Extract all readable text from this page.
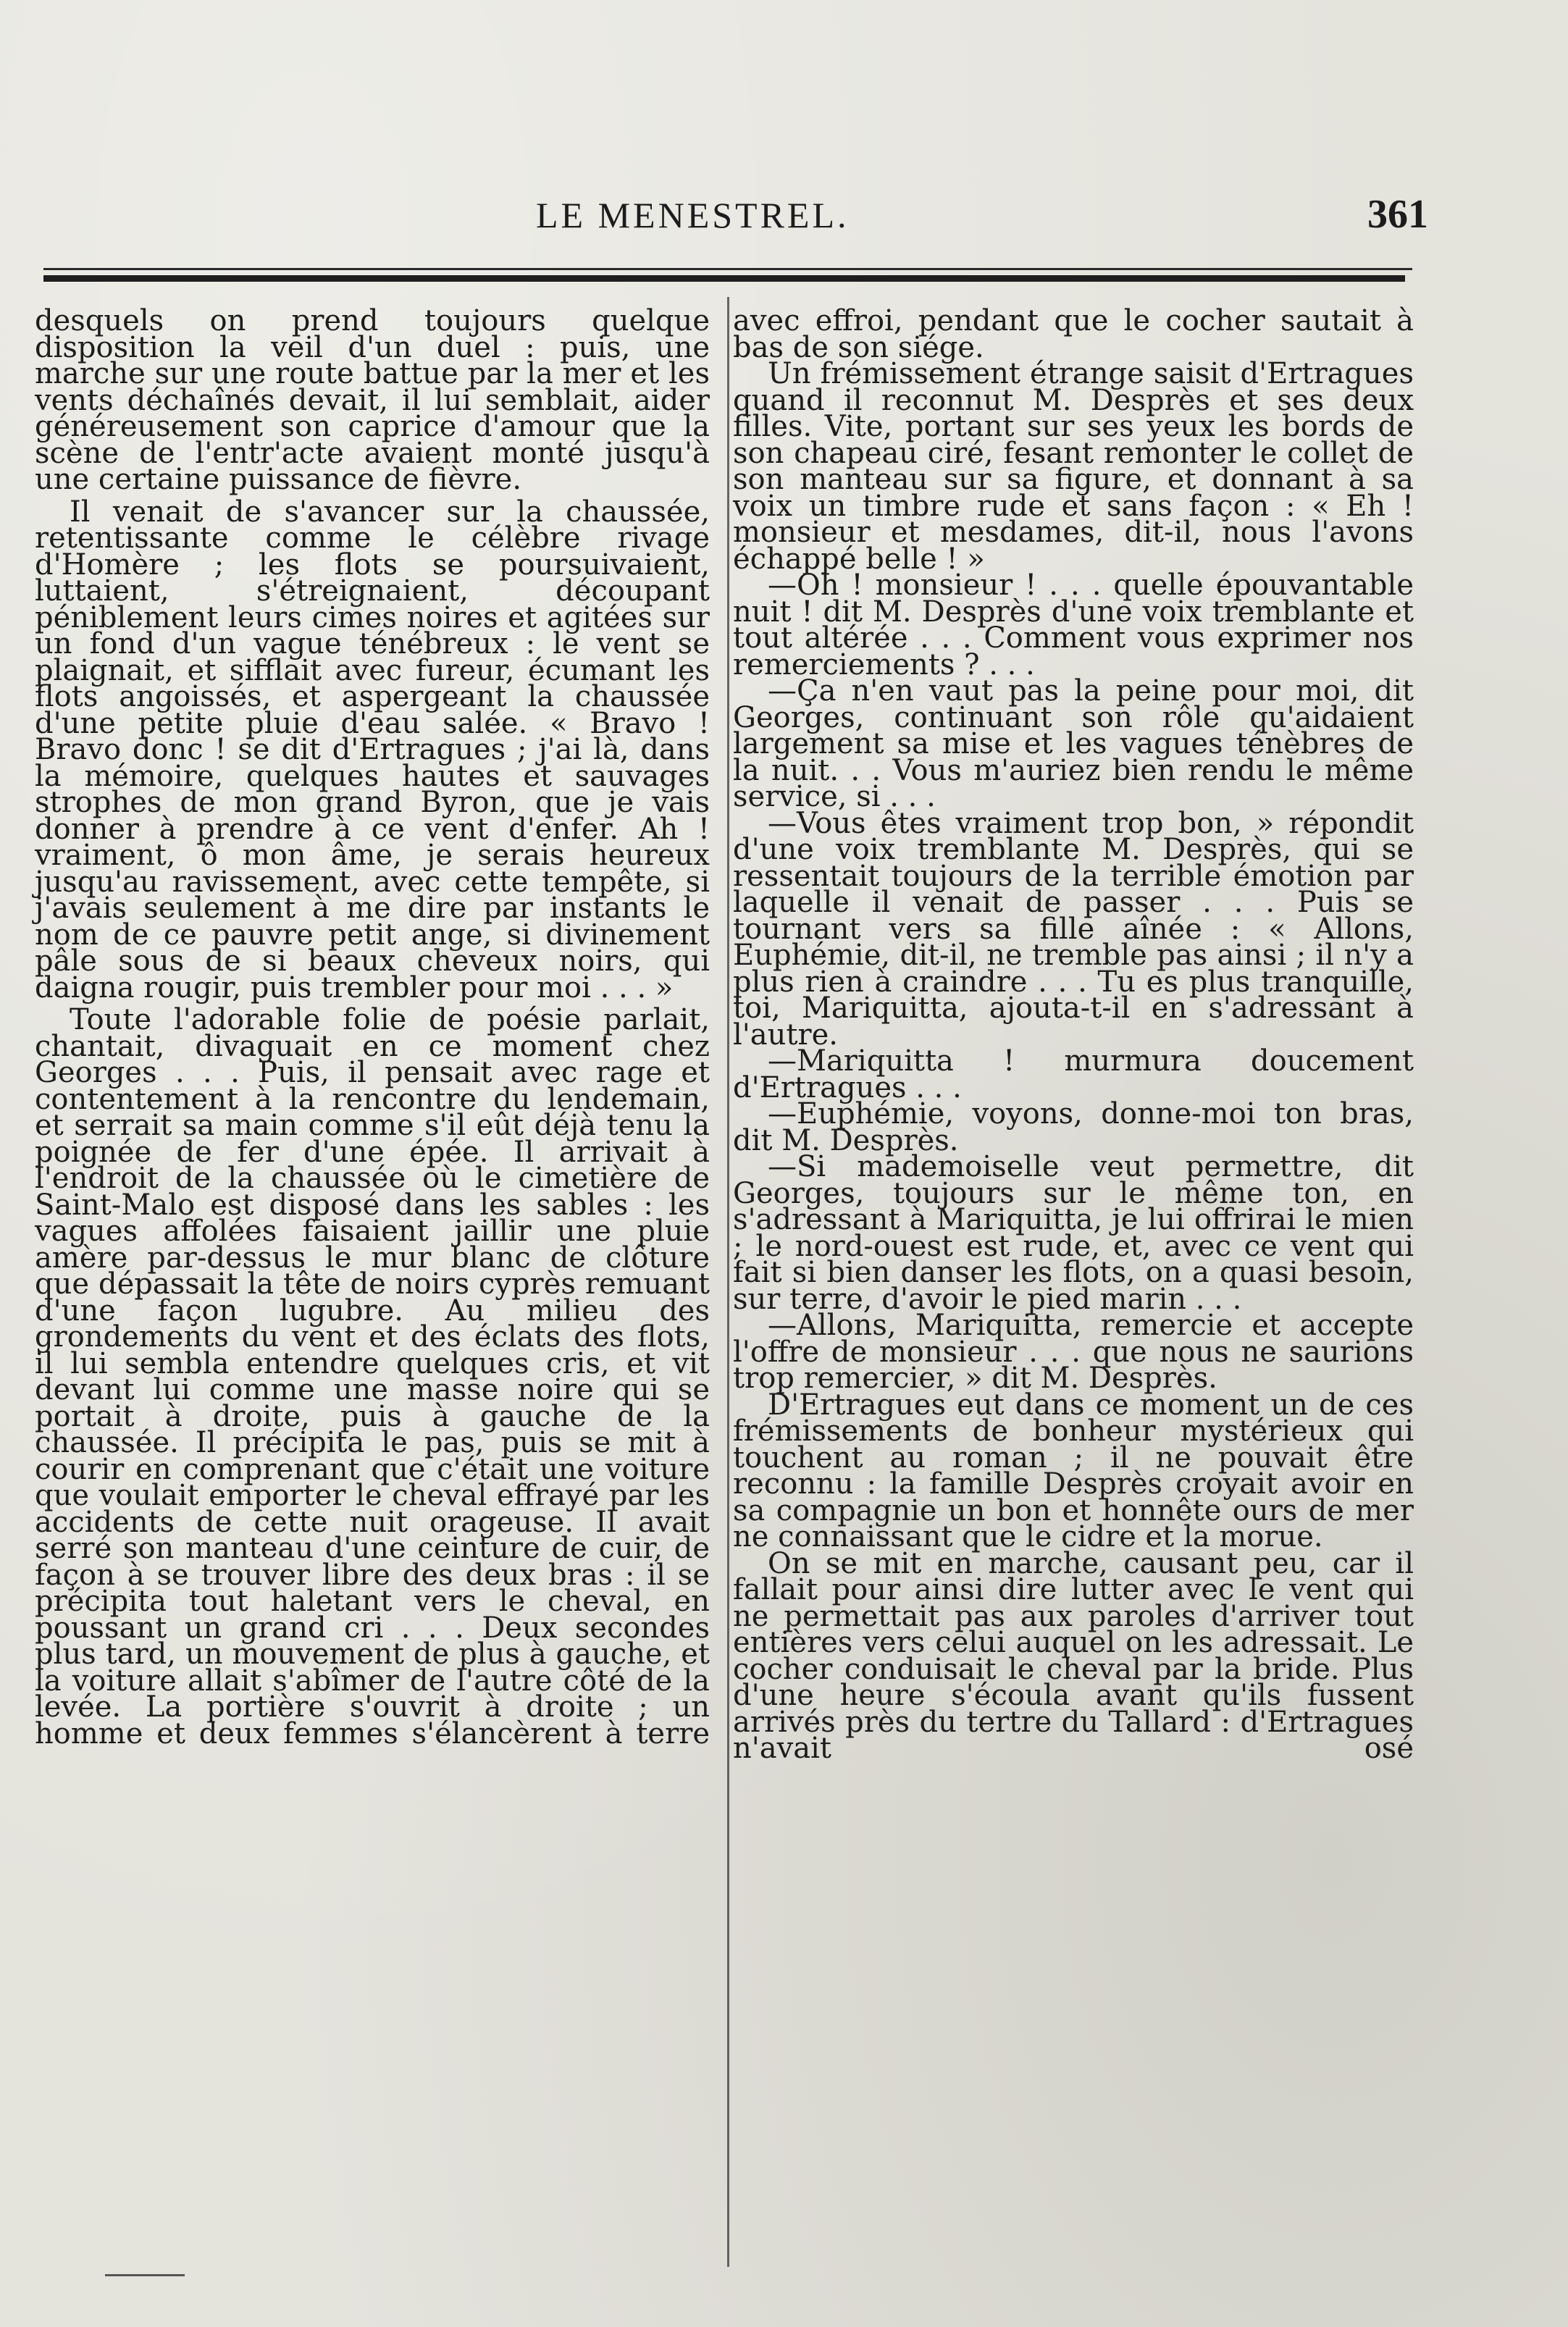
LE MENESTREL.	361

desquels on prend toujours quelque disposition la veil d'un duel : puis, une marche sur une route battue par la mer et les vents déchaînés devait, il lui semblait, aider généreusement son caprice d'amour que la scène de l'entr'acte avaient monté jusqu'à une certaine puissance de fièvre.

Il venait de s'avancer sur la chaussée, retentissante comme le célèbre rivage d'Homère ; les flots se poursuivaient, luttaient, s'étreignaient, découpant péniblement leurs cimes noires et agitées sur un fond d'un vague ténébreux : le vent se plaignait, et sifflait avec fureur, écumant les flots angoissés, et aspergeant la chaussée d'une petite pluie d'eau salée. « Bravo ! Bravo donc ! se dit d'Ertragues ; j'ai là, dans la mémoire, quelques hautes et sauvages strophes de mon grand Byron, que je vais donner à prendre à ce vent d'enfer. Ah ! vraiment, ô mon âme, je serais heureux jusqu'au ravissement, avec cette tempête, si j'avais seulement à me dire par instants le nom de ce pauvre petit ange, si divinement pâle sous de si beaux cheveux noirs, qui daigna rougir, puis trembler pour moi . . . »

Toute l'adorable folie de poésie parlait, chantait, divaguait en ce moment chez Georges . . . Puis, il pensait avec rage et contentement à la rencontre du lendemain, et serrait sa main comme s'il eût déjà tenu la poignée de fer d'une épée. Il arrivait à l'endroit de la chaussée où le cimetière de Saint-Malo est disposé dans les sables : les vagues affolées faisaient jaillir une pluie amère par-dessus le mur blanc de clôture que dépassait la tête de noirs cyprès remuant d'une façon lugubre. Au milieu des grondements du vent et des éclats des flots, il lui sembla entendre quelques cris, et vit devant lui comme une masse noire qui se portait à droite, puis à gauche de la chaussée. Il précipita le pas, puis se mit à courir en comprenant que c'était une voiture que voulait emporter le cheval effrayé par les accidents de cette nuit orageuse. Il avait serré son manteau d'une ceinture de cuir, de façon à se trouver libre des deux bras : il se précipita tout haletant vers le cheval, en poussant un grand cri . . . Deux secondes plus tard, un mouvement de plus à gauche, et la voiture allait s'abîmer de l'autre côté de la levée. La portière s'ouvrit à droite ; un homme et deux femmes s'élancèrent à terre

avec effroi, pendant que le cocher sautait à bas de son siége.

Un frémissement étrange saisit d'Ertragues quand il reconnut M. Desprès et ses deux filles. Vite, portant sur ses yeux les bords de son chapeau ciré, fesant remonter le collet de son manteau sur sa figure, et donnant à sa voix un timbre rude et sans façon : « Eh ! monsieur et mesdames, dit-il, nous l'avons échappé belle ! »

—Oh ! monsieur ! . . . quelle épouvantable nuit ! dit M. Desprès d'une voix tremblante et tout altérée . . . Comment vous exprimer nos remerciements ? . . .

—Ça n'en vaut pas la peine pour moi, dit Georges, continuant son rôle qu'aidaient largement sa mise et les vagues ténèbres de la nuit. . . Vous m'auriez bien rendu le même service, si . . .

—Vous êtes vraiment trop bon, » répondit d'une voix tremblante M. Desprès, qui se ressentait toujours de la terrible émotion par laquelle il venait de passer . . . Puis se tournant vers sa fille aînée : « Allons, Euphémie, dit-il, ne tremble pas ainsi ; il n'y a plus rien à craindre . . . Tu es plus tranquille, toi, Mariquitta, ajouta-t-il en s'adressant à l'autre.

—Mariquitta ! murmura doucement d'Ertragues . . .

—Euphémie, voyons, donne-moi ton bras, dit M. Desprès.

—Si mademoiselle veut permettre, dit Georges, toujours sur le même ton, en s'adressant à Mariquitta, je lui offrirai le mien ; le nord-ouest est rude, et, avec ce vent qui fait si bien danser les flots, on a quasi besoin, sur terre, d'avoir le pied marin . . .

—Allons, Mariquitta, remercie et accepte l'offre de monsieur . . . que nous ne saurions trop remercier, » dit M. Desprès.

D'Ertragues eut dans ce moment un de ces frémissements de bonheur mystérieux qui touchent au roman ; il ne pouvait être reconnu : la famille Desprès croyait avoir en sa compagnie un bon et honnête ours de mer ne connaissant que le cidre et la morue.

On se mit en marche, causant peu, car il fallait pour ainsi dire lutter avec le vent qui ne permettait pas aux paroles d'arriver tout entières vers celui auquel on les adressait. Le cocher conduisait le cheval par la bride. Plus d'une heure s'écoula avant qu'ils fussent arrivés près du tertre du Tallard : d'Ertragues n'avait osé
